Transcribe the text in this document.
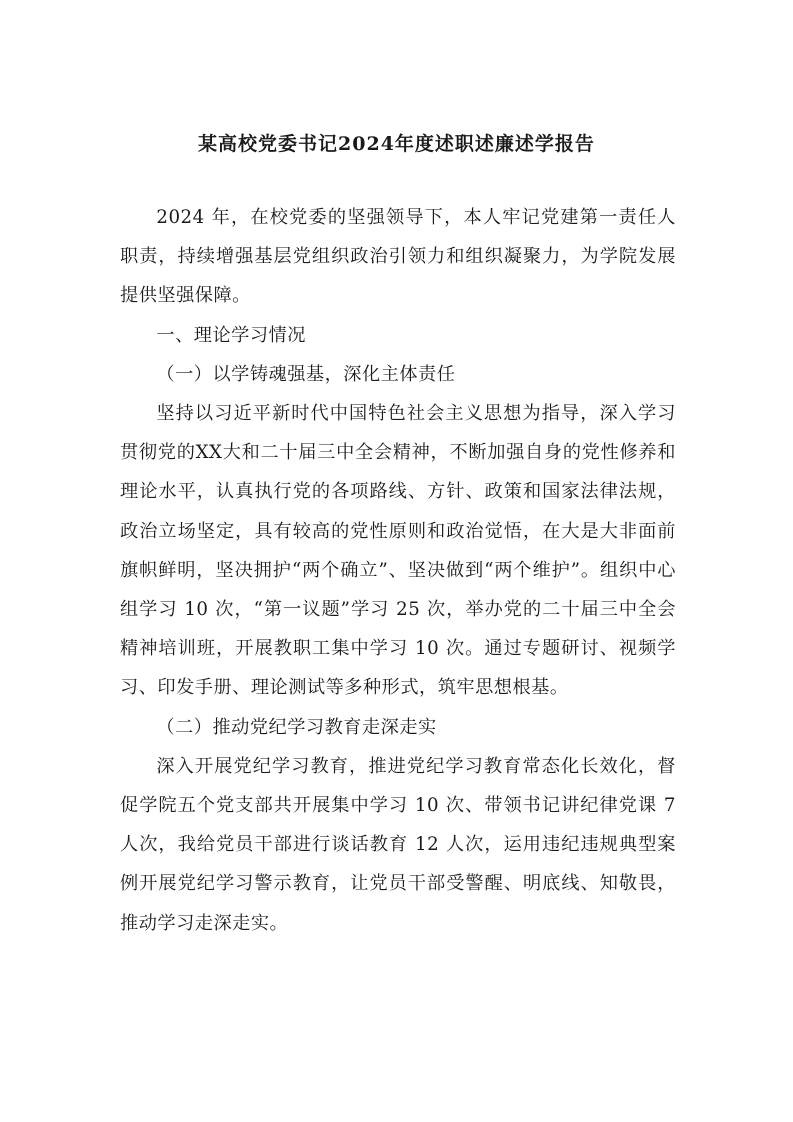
某高校党委书记2024年度述职述廉述学报告

2024 年，在校党委的坚强领导下，本人牢记党建第一责任人职责，持续增强基层党组织政治引领力和组织凝聚力，为学院发展提供坚强保障。

一、理论学习情况

（一）以学铸魂强基，深化主体责任

坚持以习近平新时代中国特色社会主义思想为指导，深入学习贯彻党的XX大和二十届三中全会精神，不断加强自身的党性修养和理论水平，认真执行党的各项路线、方针、政策和国家法律法规，政治立场坚定，具有较高的党性原则和政治觉悟，在大是大非面前旗帜鲜明，坚决拥护“两个确立”、坚决做到“两个维护”。组织中心组学习 10 次，“第一议题”学习 25 次，举办党的二十届三中全会精神培训班，开展教职工集中学习 10 次。通过专题研讨、视频学习、印发手册、理论测试等多种形式，筑牢思想根基。

（二）推动党纪学习教育走深走实

深入开展党纪学习教育，推进党纪学习教育常态化长效化，督促学院五个党支部共开展集中学习 10 次、带领书记讲纪律党课 7 人次，我给党员干部进行谈话教育 12 人次，运用违纪违规典型案例开展党纪学习警示教育，让党员干部受警醒、明底线、知敬畏，推动学习走深走实。
